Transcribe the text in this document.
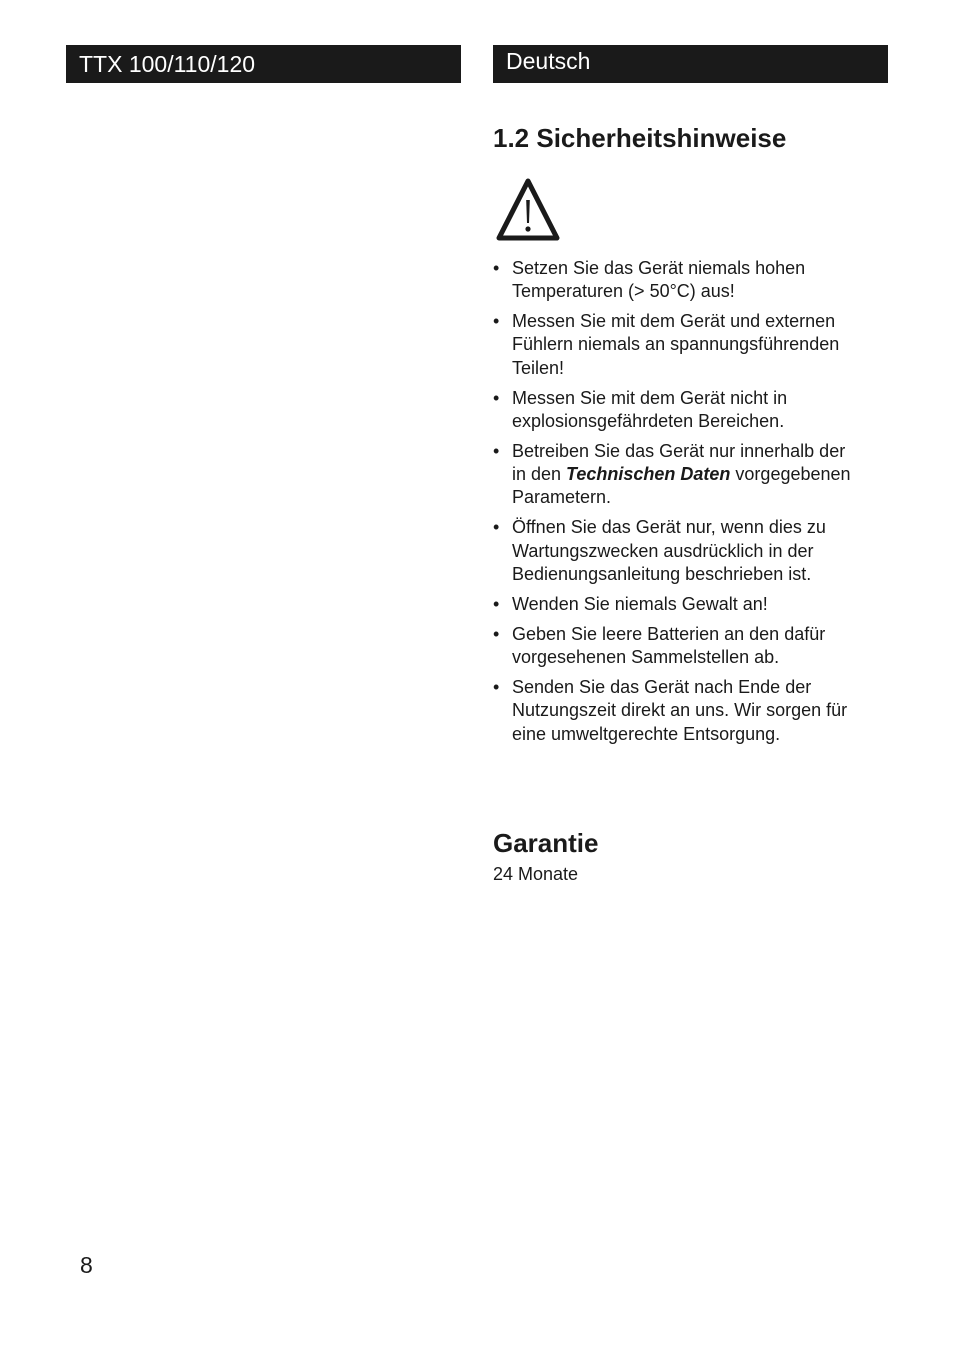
TTX 100/110/120	Deutsch
1.2 Sicherheitshinweise
• Setzen Sie das Gerät niemals hohen Temperaturen (> 50°C) aus!
• Messen Sie mit dem Gerät und externen Fühlern niemals an spannungsführenden Teilen!
• Messen Sie mit dem Gerät nicht in explosionsgefährdeten Bereichen.
• Betreiben Sie das Gerät nur innerhalb der in den Technischen Daten vorgegebenen Parametern.
• Öffnen Sie das Gerät nur, wenn dies zu Wartungszwecken ausdrücklich in der Bedienungsanleitung beschrieben ist.
• Wenden Sie niemals Gewalt an!
• Geben Sie leere Batterien an den dafür vorgesehenen Sammelstellen ab.
• Senden Sie das Gerät nach Ende der Nutzungszeit direkt an uns. Wir sorgen für eine umweltgerechte Entsorgung.
Garantie
24 Monate
8
